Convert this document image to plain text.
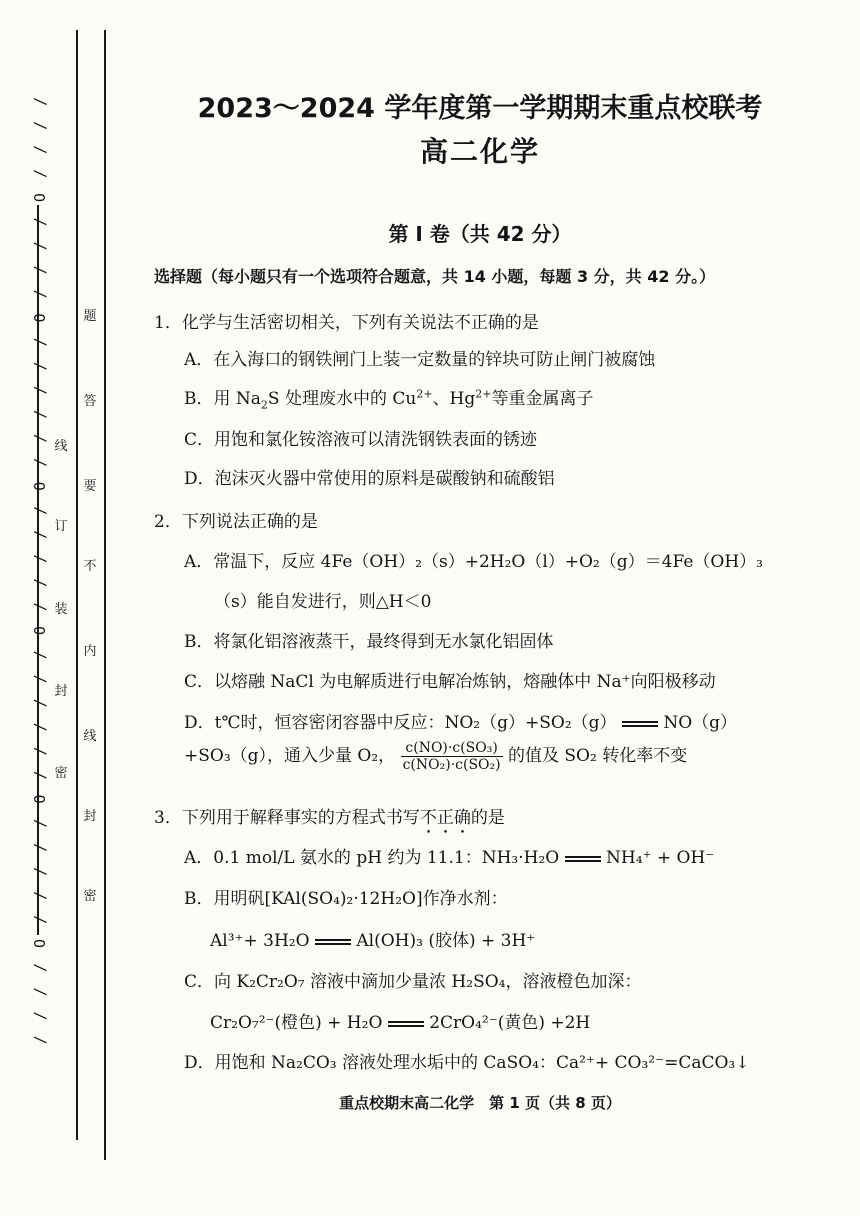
/ / / / O / / / / / O / / / / / / O / / / / / O / / / / / / O / / / / O / / / /	题
答
要
不
内
线
封
密
线
订
装
封
密
2023～2024 学年度第一学期期末重点校联考
高二化学
第 Ⅰ 卷（共 42 分）
选择题（每小题只有一个选项符合题意，共 14 小题，每题 3 分，共 42 分。）
1．化学与生活密切相关，下列有关说法不正确的是
A．在入海口的钢铁闸门上装一定数量的锌块可防止闸门被腐蚀
B．用 $Na_2S$ 处理废水中的 $Cu^{2+}$、$Hg^{2+}$等重金属离子
C．用饱和氯化铵溶液可以清洗钢铁表面的锈迹
D．泡沫灭火器中常使用的原料是碳酸钠和硫酸铝
2．下列说法正确的是
A．常温下，反应 4Fe（OH）₂（s）+2H₂O（l）+O₂（g）＝4Fe（OH）₃
（s）能自发进行，则△H＜0
B．将氯化铝溶液蒸干，最终得到无水氯化铝固体
C．以熔融 NaCl 为电解质进行电解冶炼钠，熔融体中 Na⁺向阳极移动
D．t℃时，恒容密闭容器中反应：NO₂（g）+SO₂（g）	NO（g）
+SO₃（g），通入少量 O₂， $\frac{\text{c(NO)·c(SO₃)}}{\text{c(NO₂)·c(SO₂)}}$ 的值及 SO₂ 转化率不变
3．下列用于解释事实的方程式书写不正确的是
A．0.1 mol/L 氨水的 pH 约为 11.1：NH₃·H₂O	NH₄⁺ + OH⁻
B．用明矾[KAl(SO₄)₂·12H₂O]作净水剂：
Al³⁺+ 3H₂O	Al(OH)₃ (胶体) + 3H⁺
C．向 K₂Cr₂O₇ 溶液中滴加少量浓 H₂SO₄，溶液橙色加深：
Cr₂O₇²⁻(橙色) + H₂O	2CrO₄²⁻(黄色) +2H
D．用饱和 Na₂CO₃ 溶液处理水垢中的 CaSO₄：Ca²⁺+ CO₃²⁻=CaCO₃↓
重点校期末高二化学　第 1 页（共 8 页）
